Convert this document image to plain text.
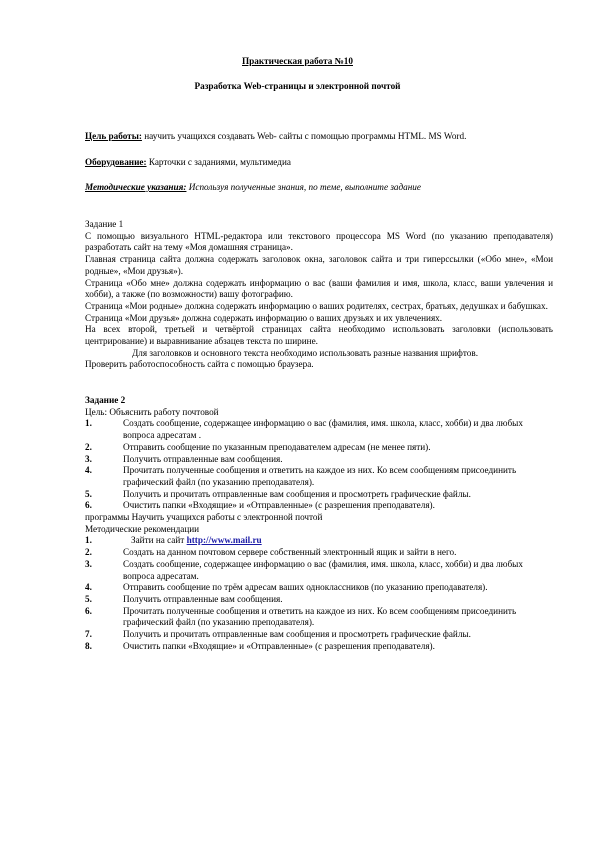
Практическая работа №10
Разработка Web-страницы и электронной почтой
Цель работы: научить учащихся создавать Web- сайты с помощью программы HTML. MS Word.
Оборудование: Карточки с заданиями, мультимедиа
Методические указания: Используя полученные знания, по теме, выполните задание
Задание 1
С помощью визуального HTML-редактора или текстового процессора MS Word (по указанию преподавателя) разработать сайт на тему «Моя домашняя страница».
Главная страница сайта должна содержать заголовок окна, заголовок сайта и три гиперссылки («Обо мне», «Мои родные», «Мои друзья»).
Страница «Обо мне» должна содержать информацию о вас (ваши фамилия и имя, школа, класс, ваши увлечения и хобби), а также (по возможности) вашу фотографию.
Страница «Мои родные» должна содержать информацию о ваших родителях, сестрах, братьях, дедушках и бабушках.
Страница «Мои друзья» должна содержать информацию о ваших друзьях и их увлечениях.
На всех второй, третьей и четвёртой страницах сайта необходимо использовать заголовки (использовать центрирование) и выравнивание абзацев текста по ширине.
Для заголовков и основного текста необходимо использовать разные названия шрифтов.
Проверить работоспособность сайта с помощью браузера.
Задание 2
Цель: Объяснить работу почтовой
1.	Создать сообщение, содержащее информацию о вас (фамилия, имя. школа, класс, хобби) и два любых вопроса адресатам .
2.	Отправить сообщение по указанным преподавателем адресам (не менее пяти).
3.	Получить отправленные вам сообщения.
4.	Прочитать полученные сообщения и ответить на каждое из них. Ко всем сообщениям присоединить графический файл (по указанию преподавателя).
5.	Получить и прочитать отправленные вам сообщения и просмотреть графические файлы.
6.	Очистить папки «Входящие» и «Отправленные» (с разрешения преподавателя).
программы Научить учащихся работы с электронной почтой
Методические рекомендации
1.	Зайти на сайт http://www.mail.ru
2.	Создать на данном почтовом сервере собственный электронный ящик и зайти в него.
3.	Создать сообщение, содержащее информацию о вас (фамилия, имя. школа, класс, хобби) и два любых вопроса адресатам.
4.	Отправить сообщение по трём адресам ваших одноклассников (по указанию преподавателя).
5.	Получить отправленные вам сообщения.
6.	Прочитать полученные сообщения и ответить на каждое из них. Ко всем сообщениям присоединить графический файл (по указанию преподавателя).
7.	Получить и прочитать отправленные вам сообщения и просмотреть графические файлы.
8.	Очистить папки «Входящие» и «Отправленные» (с разрешения преподавателя).
